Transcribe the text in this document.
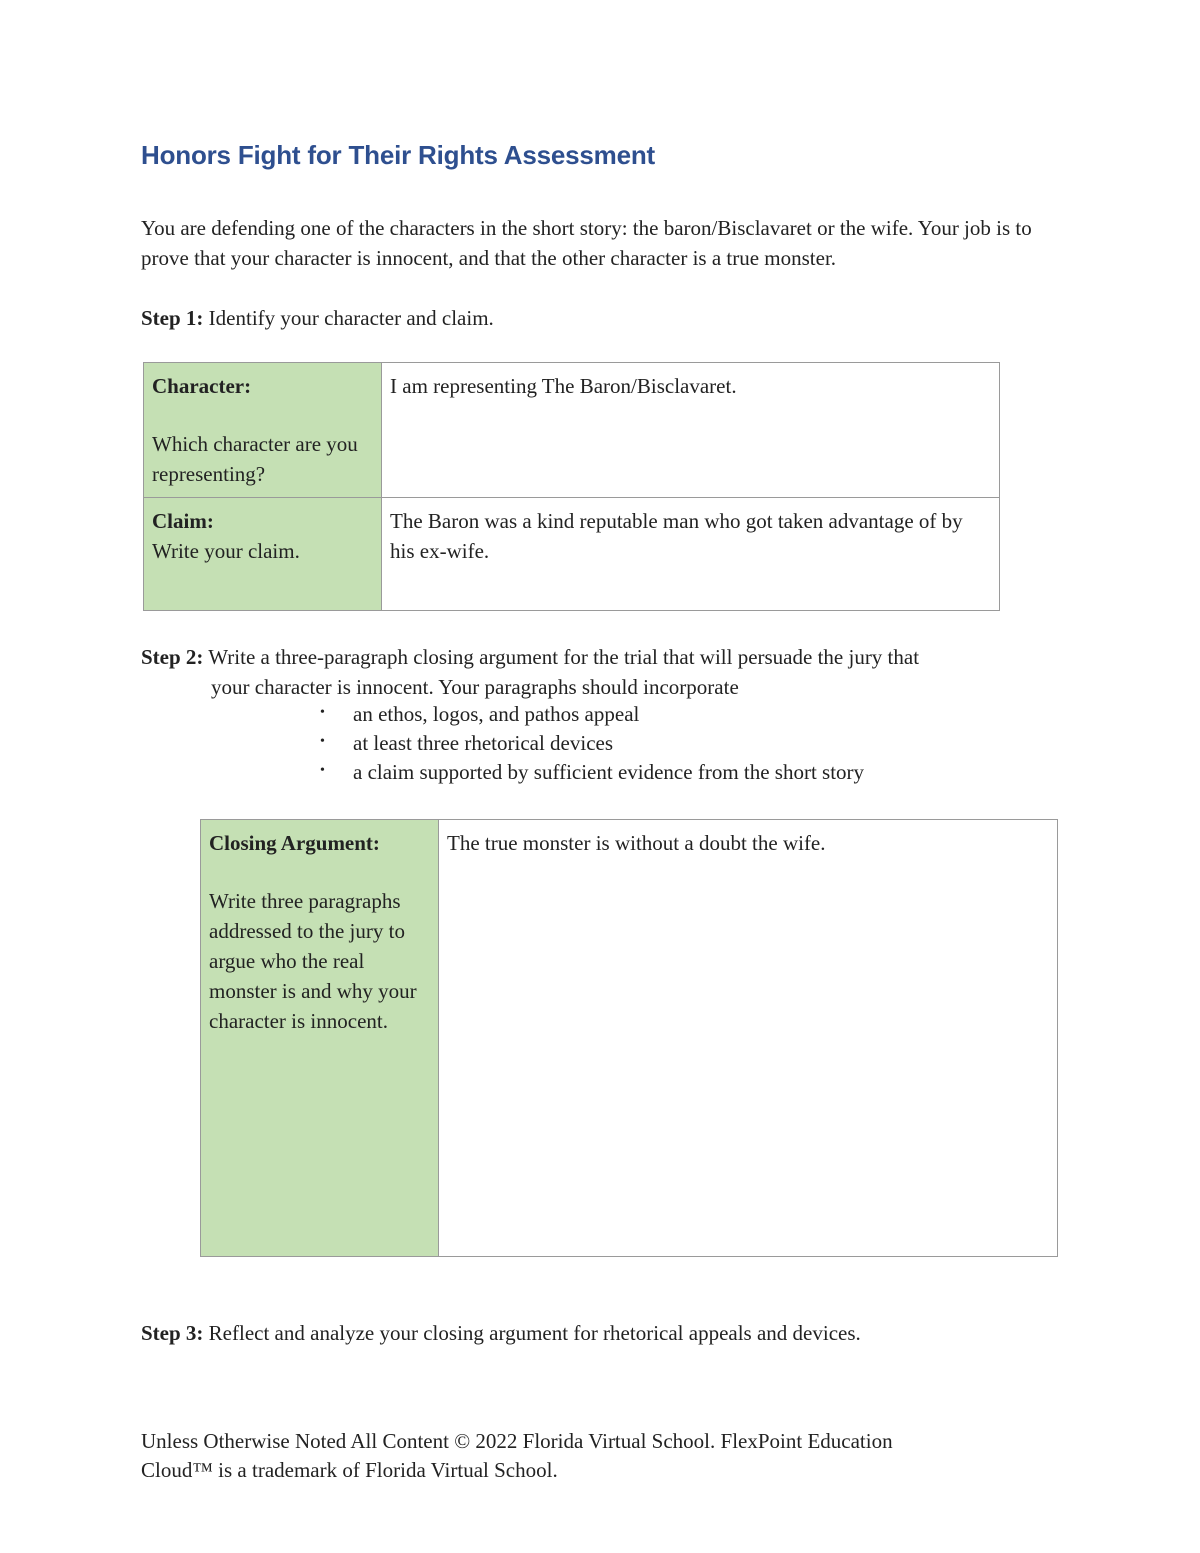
Honors Fight for Their Rights Assessment

You are defending one of the characters in the short story: the baron/Bisclavaret or the wife. Your job is to prove that your character is innocent, and that the other character is a true monster.

Step 1: Identify your character and claim.

Character:
Which character are you representing?	I am representing The Baron/Bisclavaret.

Claim:
Write your claim.	The Baron was a kind reputable man who got taken advantage of by his ex-wife.

Step 2: Write a three-paragraph closing argument for the trial that will persuade the jury that
your character is innocent. Your paragraphs should incorporate

• an ethos, logos, and pathos appeal
• at least three rhetorical devices
• a claim supported by sufficient evidence from the short story
Closing Argument:
Write three paragraphs addressed to the jury to argue who the real monster is and why your character is innocent.	The true monster is without a doubt the wife.

Step 3: Reflect and analyze your closing argument for rhetorical appeals and devices.

Unless Otherwise Noted All Content © 2022 Florida Virtual School. FlexPoint Education
Cloud™ is a trademark of Florida Virtual School.
